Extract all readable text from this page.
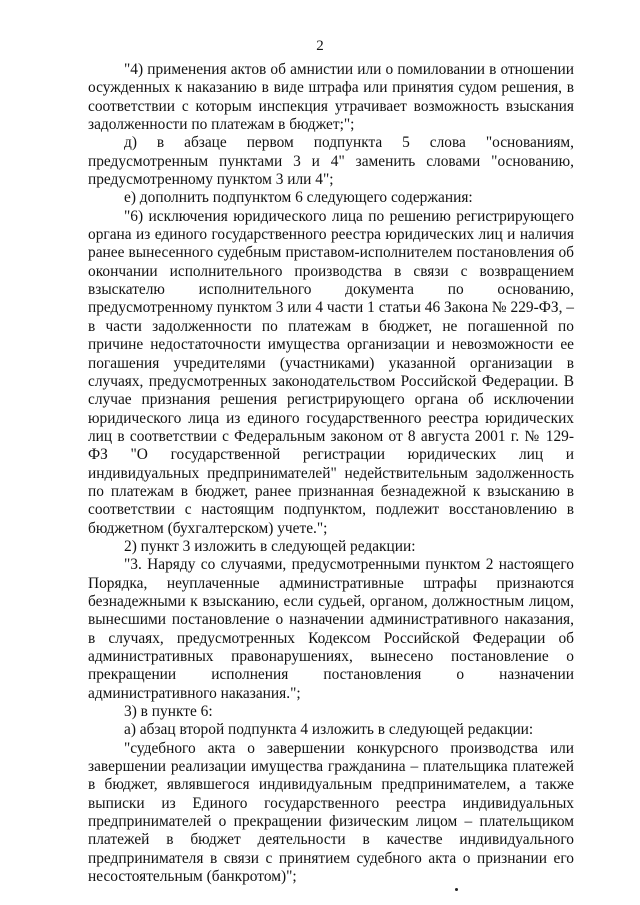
2

"4) применения актов об амнистии или о помиловании в отношении осужденных к наказанию в виде штрафа или принятия судом решения, в соответствии с которым инспекция утрачивает возможность взыскания задолженности по платежам в бюджет;";

д) в абзаце первом подпункта 5 слова "основаниям, предусмотренным пунктами 3 и 4" заменить словами "основанию, предусмотренному пунктом 3 или 4";

е) дополнить подпунктом 6 следующего содержания:

"6) исключения юридического лица по решению регистрирующего органа из единого государственного реестра юридических лиц и наличия ранее вынесенного судебным приставом-исполнителем постановления об окончании исполнительного производства в связи с возвращением взыскателю исполнительного документа по основанию, предусмотренному пунктом 3 или 4 части 1 статьи 46 Закона № 229-ФЗ, – в части задолженности по платежам в бюджет, не погашенной по причине недостаточности имущества организации и невозможности ее погашения учредителями (участниками) указанной организации в случаях, предусмотренных законодательством Российской Федерации. В случае признания решения регистрирующего органа об исключении юридического лица из единого государственного реестра юридических лиц в соответствии с Федеральным законом от 8 августа 2001 г. № 129-ФЗ "О государственной регистрации юридических лиц и индивидуальных предпринимателей" недействительным задолженность по платежам в бюджет, ранее признанная безнадежной к взысканию в соответствии с настоящим подпунктом, подлежит восстановлению в бюджетном (бухгалтерском) учете.";

2) пункт 3 изложить в следующей редакции:

"3. Наряду со случаями, предусмотренными пунктом 2 настоящего Порядка, неуплаченные административные штрафы признаются безнадежными к взысканию, если судьей, органом, должностным лицом, вынесшими постановление о назначении административного наказания, в случаях, предусмотренных Кодексом Российской Федерации об административных правонарушениях, вынесено постановление о прекращении исполнения постановления о назначении административного наказания.";

3) в пункте 6:

а) абзац второй подпункта 4 изложить в следующей редакции:

"судебного акта о завершении конкурсного производства или завершении реализации имущества гражданина – плательщика платежей в бюджет, являвшегося индивидуальным предпринимателем, а также выписки из Единого государственного реестра индивидуальных предпринимателей о прекращении физическим лицом – плательщиком платежей в бюджет деятельности в качестве индивидуального предпринимателя в связи с принятием судебного акта о признании его несостоятельным (банкротом)";
